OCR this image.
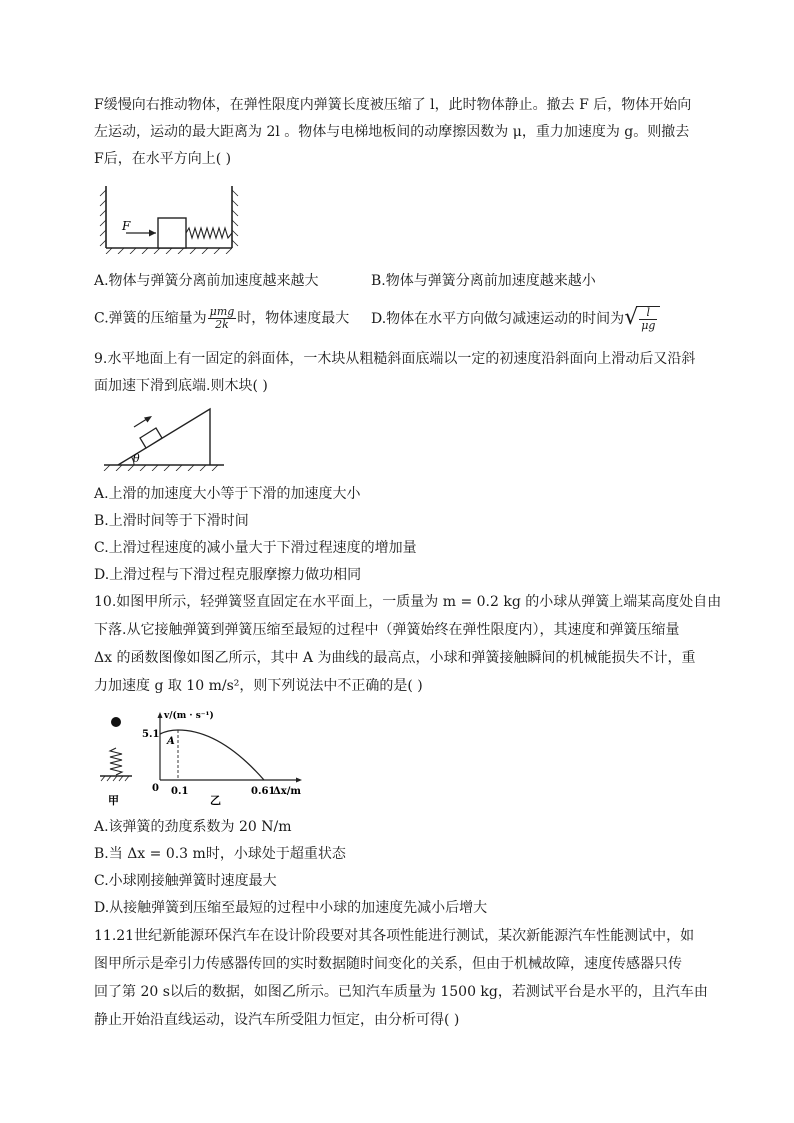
F缓慢向右推动物体，在弹性限度内弹簧长度被压缩了 l，此时物体静止。撤去 F 后，物体开始向
左运动，运动的最大距离为 2l 。物体与电梯地板间的动摩擦因数为 μ，重力加速度为 g。则撤去
F后，在水平方向上( )
F
A.物体与弹簧分离前加速度越来越大	B.物体与弹簧分离前加速度越来越小
C.弹簧的压缩量为 $\frac{\text{μmg}}{2k}$ 时，物体速度最大 D.物体在水平方向做匀减速运动的时间为 √ $\frac{l}{\mu g}$
9.水平地面上有一固定的斜面体，一木块从粗糙斜面底端以一定的初速度沿斜面向上滑动后又沿斜
面加速下滑到底端.则木块( )
θ
A.上滑的加速度大小等于下滑的加速度大小
B.上滑时间等于下滑时间
C.上滑过程速度的减小量大于下滑过程速度的增加量
D.上滑过程与下滑过程克服摩擦力做功相同
10.如图甲所示，轻弹簧竖直固定在水平面上，一质量为 m = 0.2 kg 的小球从弹簧上端某高度处自由
下落.从它接触弹簧到弹簧压缩至最短的过程中（弹簧始终在弹性限度内），其速度和弹簧压缩量
Δx 的函数图像如图乙所示，其中 A 为曲线的最高点，小球和弹簧接触瞬间的机械能损失不计，重
力加速度 g 取 10 m/s²，则下列说法中不正确的是( )
甲
v/(m · s⁻¹)
5.1
A
0 0.1	0.61
Δx/m
乙
A.该弹簧的劲度系数为 20 N/m
B.当 Δx = 0.3 m时，小球处于超重状态
C.小球刚接触弹簧时速度最大
D.从接触弹簧到压缩至最短的过程中小球的加速度先减小后增大
11.21世纪新能源环保汽车在设计阶段要对其各项性能进行测试，某次新能源汽车性能测试中，如
图甲所示是牵引力传感器传回的实时数据随时间变化的关系，但由于机械故障，速度传感器只传
回了第 20 s以后的数据，如图乙所示。已知汽车质量为 1500 kg，若测试平台是水平的，且汽车由
静止开始沿直线运动，设汽车所受阻力恒定，由分析可得( )
